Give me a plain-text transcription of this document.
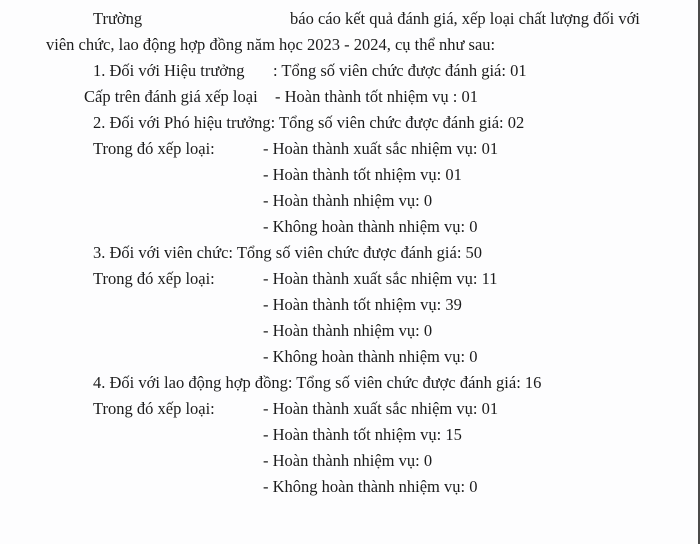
Trường	báo cáo kết quả đánh giá, xếp loại chất lượng đối với
viên chức, lao động hợp đồng năm học 2023 - 2024, cụ thể như sau:
1. Đối với Hiệu trưởng : Tổng số viên chức được đánh giá: 01
Cấp trên đánh giá xếp loại - Hoàn thành tốt nhiệm vụ : 01
2. Đối với Phó hiệu trưởng: Tổng số viên chức được đánh giá: 02
Trong đó xếp loại:	- Hoàn thành xuất sắc nhiệm vụ: 01
- Hoàn thành tốt nhiệm vụ: 01
- Hoàn thành nhiệm vụ: 0
- Không hoàn thành nhiệm vụ: 0
3. Đối với viên chức: Tổng số viên chức được đánh giá: 50
Trong đó xếp loại:	- Hoàn thành xuất sắc nhiệm vụ: 11
- Hoàn thành tốt nhiệm vụ: 39
- Hoàn thành nhiệm vụ: 0
- Không hoàn thành nhiệm vụ: 0
4. Đối với lao động hợp đồng: Tổng số viên chức được đánh giá: 16
Trong đó xếp loại:	- Hoàn thành xuất sắc nhiệm vụ: 01
- Hoàn thành tốt nhiệm vụ: 15
- Hoàn thành nhiệm vụ: 0
- Không hoàn thành nhiệm vụ: 0
